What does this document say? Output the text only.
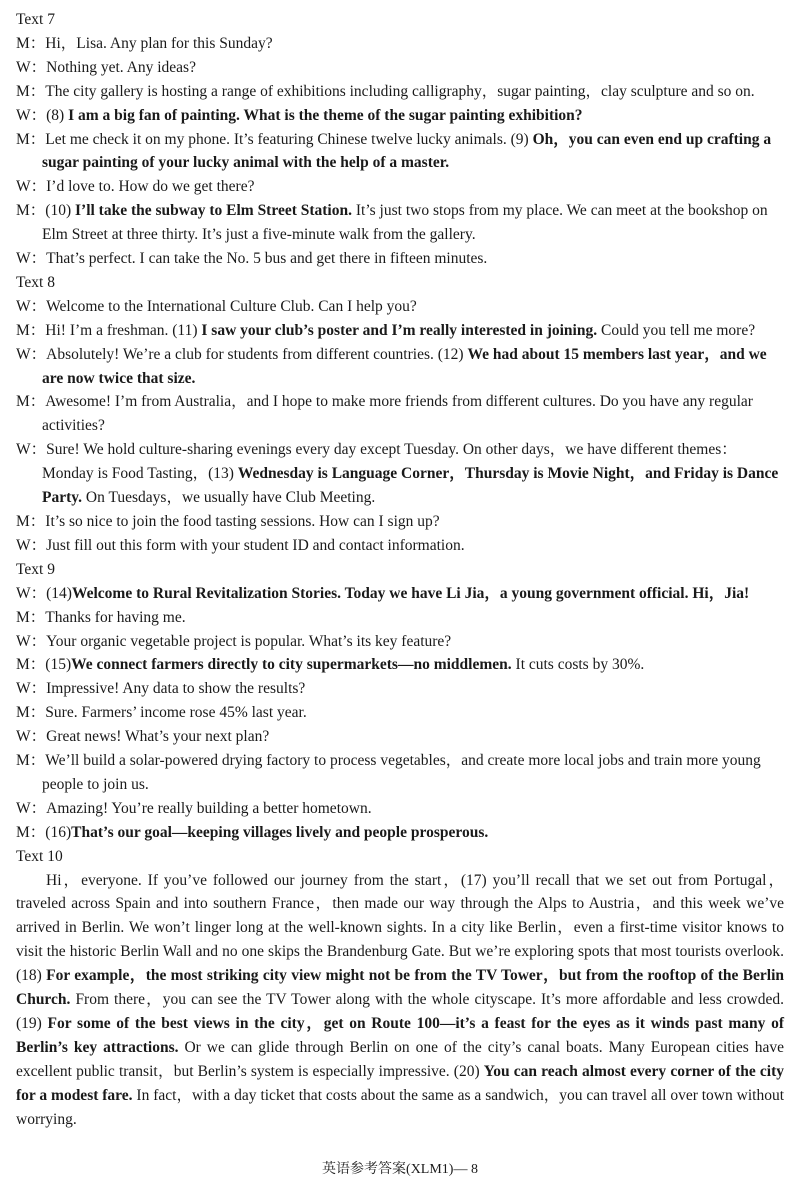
Text 7
M：Hi，Lisa. Any plan for this Sunday?
W：Nothing yet. Any ideas?
M：The city gallery is hosting a range of exhibitions including calligraphy，sugar painting，clay sculpture and so on.
W：(8) I am a big fan of painting. What is the theme of the sugar painting exhibition?
M：Let me check it on my phone. It’s featuring Chinese twelve lucky animals. (9) Oh，you can even end up crafting a sugar painting of your lucky animal with the help of a master.
W：I’d love to. How do we get there?
M：(10) I’ll take the subway to Elm Street Station. It’s just two stops from my place. We can meet at the bookshop on Elm Street at three thirty. It’s just a five-minute walk from the gallery.
W：That’s perfect. I can take the No. 5 bus and get there in fifteen minutes.
Text 8
W：Welcome to the International Culture Club. Can I help you?
M：Hi! I’m a freshman. (11) I saw your club’s poster and I’m really interested in joining. Could you tell me more?
W：Absolutely! We’re a club for students from different countries. (12) We had about 15 members last year，and we are now twice that size.
M：Awesome! I’m from Australia，and I hope to make more friends from different cultures. Do you have any regular activities?
W：Sure! We hold culture-sharing evenings every day except Tuesday. On other days，we have different themes：Monday is Food Tasting，(13) Wednesday is Language Corner，Thursday is Movie Night，and Friday is Dance Party. On Tuesdays，we usually have Club Meeting.
M：It’s so nice to join the food tasting sessions. How can I sign up?
W：Just fill out this form with your student ID and contact information.
Text 9
W：(14)Welcome to Rural Revitalization Stories. Today we have Li Jia，a young government official. Hi，Jia!
M：Thanks for having me.
W：Your organic vegetable project is popular. What’s its key feature?
M：(15)We connect farmers directly to city supermarkets—no middlemen. It cuts costs by 30%.
W：Impressive! Any data to show the results?
M：Sure. Farmers’ income rose 45% last year.
W：Great news! What’s your next plan?
M：We’ll build a solar-powered drying factory to process vegetables，and create more local jobs and train more young people to join us.
W：Amazing! You’re really building a better hometown.
M：(16)That’s our goal—keeping villages lively and people prosperous.
Text 10
Hi，everyone. If you’ve followed our journey from the start，(17) you’ll recall that we set out from Portugal，traveled across Spain and into southern France，then made our way through the Alps to Austria，and this week we’ve arrived in Berlin. We won’t linger long at the well-known sights. In a city like Berlin，even a first-time visitor knows to visit the historic Berlin Wall and no one skips the Brandenburg Gate. But we’re exploring spots that most tourists overlook. (18) For example，the most striking city view might not be from the TV Tower，but from the rooftop of the Berlin Church. From there，you can see the TV Tower along with the whole cityscape. It’s more affordable and less crowded. (19) For some of the best views in the city，get on Route 100—it’s a feast for the eyes as it winds past many of Berlin’s key attractions. Or we can glide through Berlin on one of the city’s canal boats. Many European cities have excellent public transit，but Berlin’s system is especially impressive. (20) You can reach almost every corner of the city for a modest fare. In fact，with a day ticket that costs about the same as a sandwich，you can travel all over town without worrying.
英语参考答案(XLM1)— 8
